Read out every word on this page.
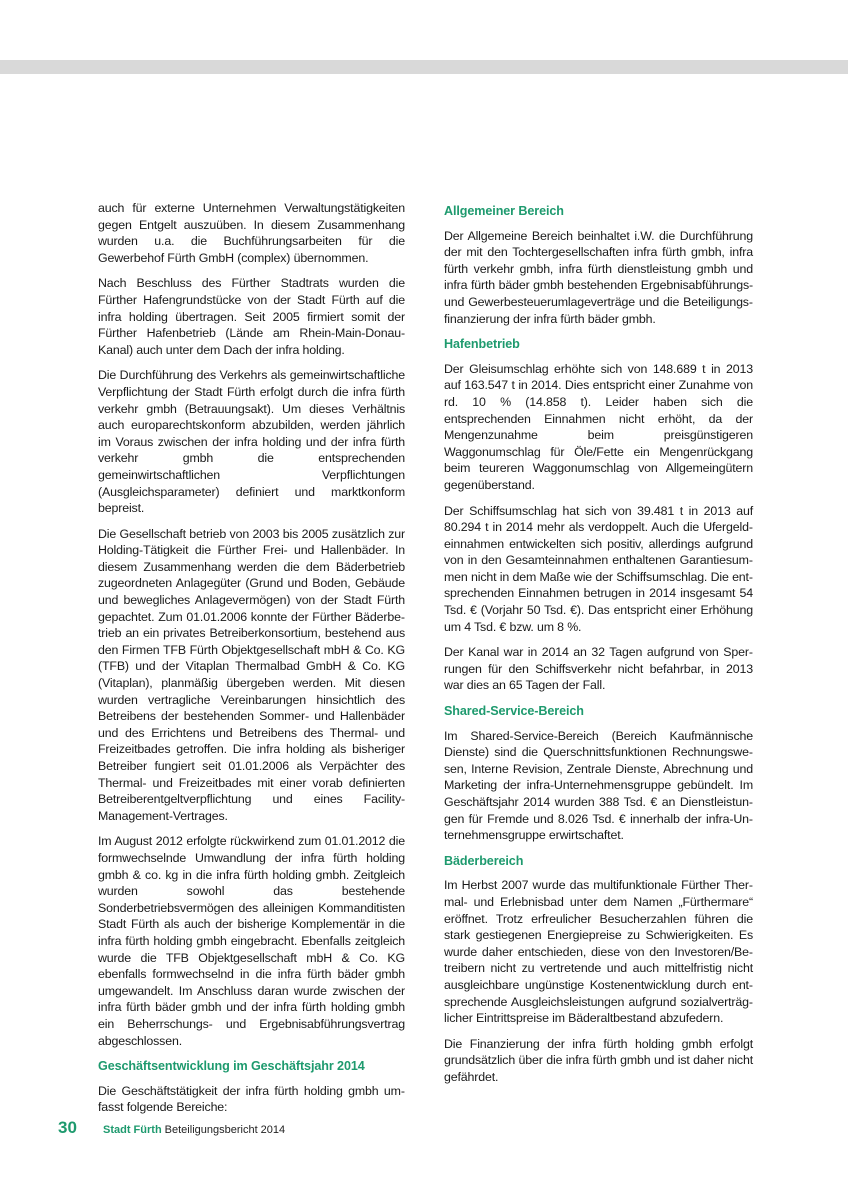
auch für externe Unternehmen Verwaltungstätigkeiten gegen Entgelt auszuüben. In diesem Zusammenhang wurden u.a. die Buchführungsarbeiten für die Gewerbehof Fürth GmbH (complex) übernommen.

Nach Beschluss des Fürther Stadtrats wurden die Fürther Hafengrundstücke von der Stadt Fürth auf die infra holding übertragen. Seit 2005 firmiert somit der Fürther Hafenbetrieb (Lände am Rhein-Main-Donau-Kanal) auch unter dem Dach der infra holding.

Die Durchführung des Verkehrs als gemeinwirtschaftliche Verpflichtung der Stadt Fürth erfolgt durch die infra fürth verkehr gmbh (Betrauungsakt). Um dieses Verhältnis auch europarechtskonform abzubilden, werden jährlich im Voraus zwischen der infra holding und der infra fürth verkehr gmbh die entsprechenden gemeinwirtschaftlichen Verpflichtungen (Ausgleichsparameter) definiert und marktkonform bepreist.

Die Gesellschaft betrieb von 2003 bis 2005 zusätzlich zur Holding-Tätigkeit die Fürther Frei- und Hallenbäder. In diesem Zusammenhang werden die dem Bäderbetrieb zugeordneten Anlagegüter (Grund und Boden, Gebäude und bewegliches Anlagevermögen) von der Stadt Fürth gepachtet. Zum 01.01.2006 konnte der Fürther Bäderbetrieb an ein privates Betreiberkonsortium, bestehend aus den Firmen TFB Fürth Objektgesellschaft mbH & Co. KG (TFB) und der Vitaplan Thermalbad GmbH & Co. KG (Vitaplan), planmäßig übergeben werden. Mit diesen wurden vertragliche Vereinbarungen hinsichtlich des Betreibens der bestehenden Sommer- und Hallenbäder und des Errichtens und Betreibens des Thermal- und Freizeitbades getroffen. Die infra holding als bisheriger Betreiber fungiert seit 01.01.2006 als Verpächter des Thermal- und Freizeitbades mit einer vorab definierten Betreiberentgeltverpflichtung und eines Facility-Management-Vertrages.

Im August 2012 erfolgte rückwirkend zum 01.01.2012 die formwechselnde Umwandlung der infra fürth holding gmbh & co. kg in die infra fürth holding gmbh. Zeitgleich wurden sowohl das bestehende Sonderbetriebsvermögen des alleinigen Kommanditisten Stadt Fürth als auch der bisherige Komplementär in die infra fürth holding gmbh eingebracht. Ebenfalls zeitgleich wurde die TFB Objektgesellschaft mbH & Co. KG ebenfalls formwechselnd in die infra fürth bäder gmbh umgewandelt. Im Anschluss daran wurde zwischen der infra fürth bäder gmbh und der infra fürth holding gmbh ein Beherrschungs- und Ergebnisabführungsvertrag abgeschlossen.

Geschäftsentwicklung im Geschäftsjahr 2014

Die Geschäftstätigkeit der infra fürth holding gmbh umfasst folgende Bereiche:

Allgemeiner Bereich

Der Allgemeine Bereich beinhaltet i.W. die Durchführung der mit den Tochtergesellschaften infra fürth gmbh, infra fürth verkehr gmbh, infra fürth dienstleistung gmbh und infra fürth bäder gmbh bestehenden Ergebnisabführungs- und Gewerbesteuerumlageverträge und die Beteiligungsfinanzierung der infra fürth bäder gmbh.

Hafenbetrieb

Der Gleisumschlag erhöhte sich von 148.689 t in 2013 auf 163.547 t in 2014. Dies entspricht einer Zunahme von rd. 10 % (14.858 t). Leider haben sich die entsprechenden Einnahmen nicht erhöht, da der Mengenzunahme beim preisgünstigeren Waggonumschlag für Öle/Fette ein Mengenrückgang beim teureren Waggonumschlag von Allgemeingütern gegenüberstand.

Der Schiffsumschlag hat sich von 39.481 t in 2013 auf 80.294 t in 2014 mehr als verdoppelt. Auch die Ufergeldeinnahmen entwickelten sich positiv, allerdings aufgrund von in den Gesamteinnahmen enthaltenen Garantiesummen nicht in dem Maße wie der Schiffsumschlag. Die entsprechenden Einnahmen betrugen in 2014 insgesamt 54 Tsd. € (Vorjahr 50 Tsd. €). Das entspricht einer Erhöhung um 4 Tsd. € bzw. um 8 %.

Der Kanal war in 2014 an 32 Tagen aufgrund von Sperrungen für den Schiffsverkehr nicht befahrbar, in 2013 war dies an 65 Tagen der Fall.

Shared-Service-Bereich

Im Shared-Service-Bereich (Bereich Kaufmännische Dienste) sind die Querschnittsfunktionen Rechnungswesen, Interne Revision, Zentrale Dienste, Abrechnung und Marketing der infra-Unternehmensgruppe gebündelt. Im Geschäftsjahr 2014 wurden 388 Tsd. € an Dienstleistungen für Fremde und 8.026 Tsd. € innerhalb der infra-Unternehmensgruppe erwirtschaftet.

Bäderbereich

Im Herbst 2007 wurde das multifunktionale Fürther Thermal- und Erlebnisbad unter dem Namen „Fürthermare“ eröffnet. Trotz erfreulicher Besucherzahlen führen die stark gestiegenen Energiepreise zu Schwierigkeiten. Es wurde daher entschieden, diese von den Investoren/Betreibern nicht zu vertretende und auch mittelfristig nicht ausgleichbare ungünstige Kostenentwicklung durch entsprechende Ausgleichsleistungen aufgrund sozialverträglicher Eintrittspreise im Bäderaltbestand abzufedern.

Die Finanzierung der infra fürth holding gmbh erfolgt grundsätzlich über die infra fürth gmbh und ist daher nicht gefährdet.

30	Stadt Fürth Beteiligungsbericht 2014
